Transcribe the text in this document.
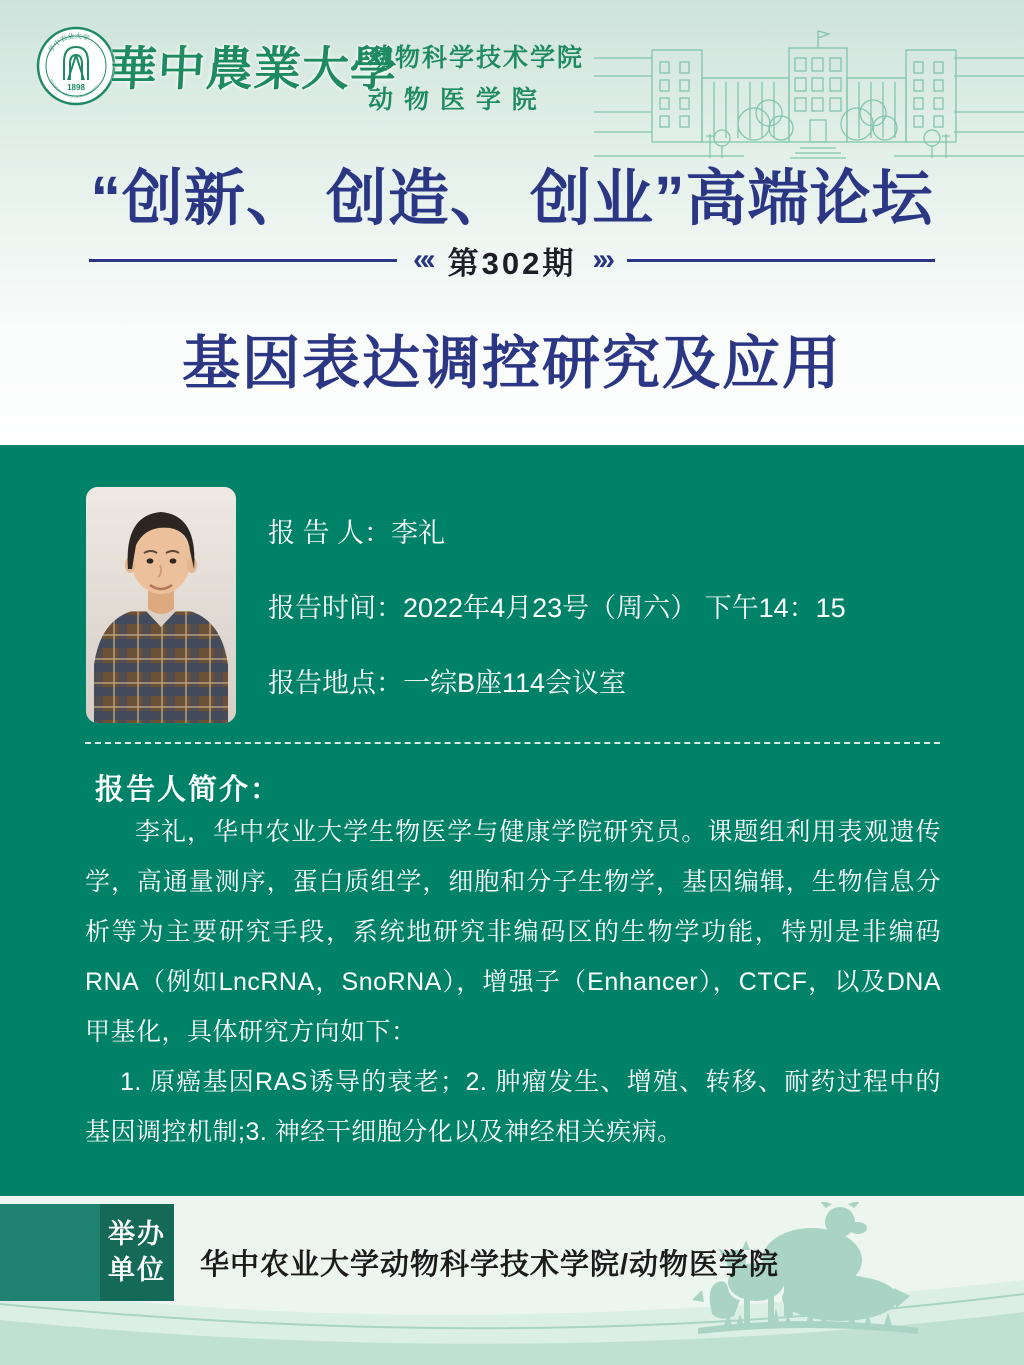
1898
华中农业大学
HUAZHONG AGRICULTURAL UNIVERSITY 華中農業大學
动物科学技术学院
动 物 医 学 院
“创新、 创造、 创业”高端论坛
«‹ 第302期 ›»
基因表达调控研究及应用
报 告 人：李礼
报告时间：2022年4月23号（周六） 下午14：15
报告地点：一综B座114会议室
报告人简介：

李礼，华中农业大学生物医学与健康学院研究员。课题组利用表观遗传学，高通量测序，蛋白质组学，细胞和分子生物学，基因编辑，生物信息分析等为主要研究手段，系统地研究非编码区的生物学功能，特别是非编码RNA（例如LncRNA，SnoRNA），增强子（Enhancer），CTCF，以及DNA甲基化，具体研究方向如下：

1. 原癌基因RAS诱导的衰老；2. 肿瘤发生、增殖、转移、耐药过程中的基因调控机制;3. 神经干细胞分化以及神经相关疾病。

举办
单位 华中农业大学动物科学技术学院/动物医学院
